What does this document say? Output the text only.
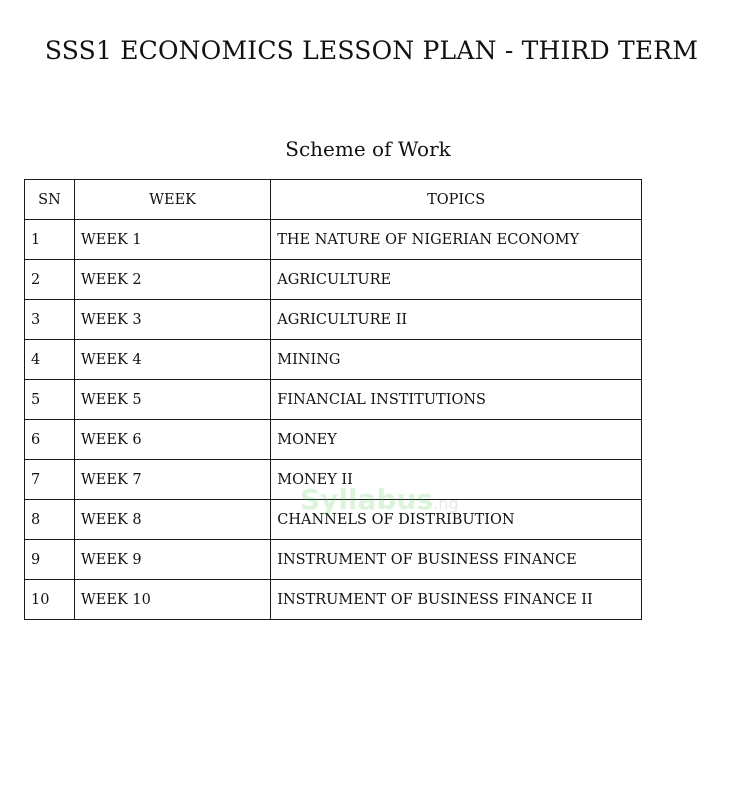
SSS1 ECONOMICS LESSON PLAN - THIRD TERM
Scheme of Work
SN	WEEK	TOPICS
1	WEEK 1	THE NATURE OF NIGERIAN ECONOMY
2	WEEK 2	AGRICULTURE
3	WEEK 3	AGRICULTURE II
4	WEEK 4	MINING
5	WEEK 5	FINANCIAL INSTITUTIONS
6	WEEK 6	MONEY
7	WEEK 7	MONEY II
8	WEEK 8	CHANNELS OF DISTRIBUTION
9	WEEK 9	INSTRUMENT OF BUSINESS FINANCE
10	WEEK 10	INSTRUMENT OF BUSINESS FINANCE II
Syllabus.ng
